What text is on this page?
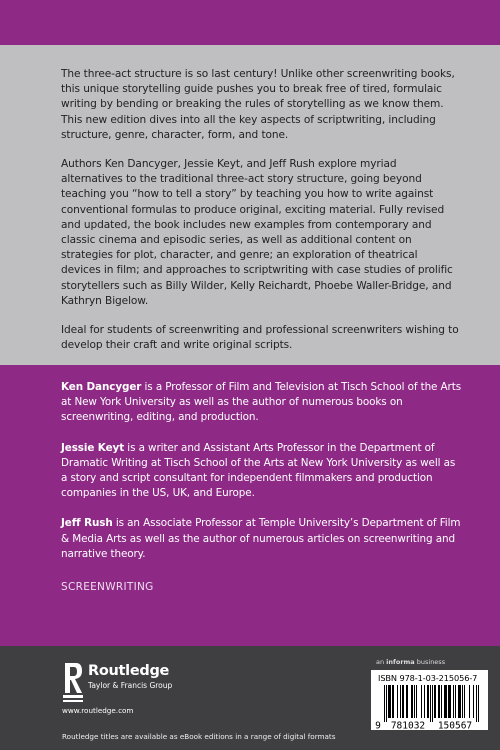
The three-act structure is so last century! Unlike other screenwriting books, this unique storytelling guide pushes you to break free of tired, formulaic writing by bending or breaking the rules of storytelling as we know them. This new edition dives into all the key aspects of scriptwriting, including structure, genre, character, form, and tone.

Authors Ken Dancyger, Jessie Keyt, and Jeff Rush explore myriad alternatives to the traditional three-act story structure, going beyond teaching you “how to tell a story” by teaching you how to write against conventional formulas to produce original, exciting material. Fully revised and updated, the book includes new examples from contemporary and classic cinema and episodic series, as well as additional content on strategies for plot, character, and genre; an exploration of theatrical devices in film; and approaches to scriptwriting with case studies of prolific storytellers such as Billy Wilder, Kelly Reichardt, Phoebe Waller-Bridge, and Kathryn Bigelow.

Ideal for students of screenwriting and professional screenwriters wishing to develop their craft and write original scripts.

Ken Dancyger is a Professor of Film and Television at Tisch School of the Arts at New York University as well as the author of numerous books on screenwriting, editing, and production.

Jessie Keyt is a writer and Assistant Arts Professor in the Department of Dramatic Writing at Tisch School of the Arts at New York University as well as a story and script consultant for independent filmmakers and production companies in the US, UK, and Europe.

Jeff Rush is an Associate Professor at Temple University’s Department of Film & Media Arts as well as the author of numerous articles on screenwriting and narrative theory.

SCREENWRITING
Routledge
Taylor & Francis Group
www.routledge.com
Routledge titles are available as eBook editions in a range of digital formats
an informa business
ISBN 978-1-03-215056-7
9 781032 150567
